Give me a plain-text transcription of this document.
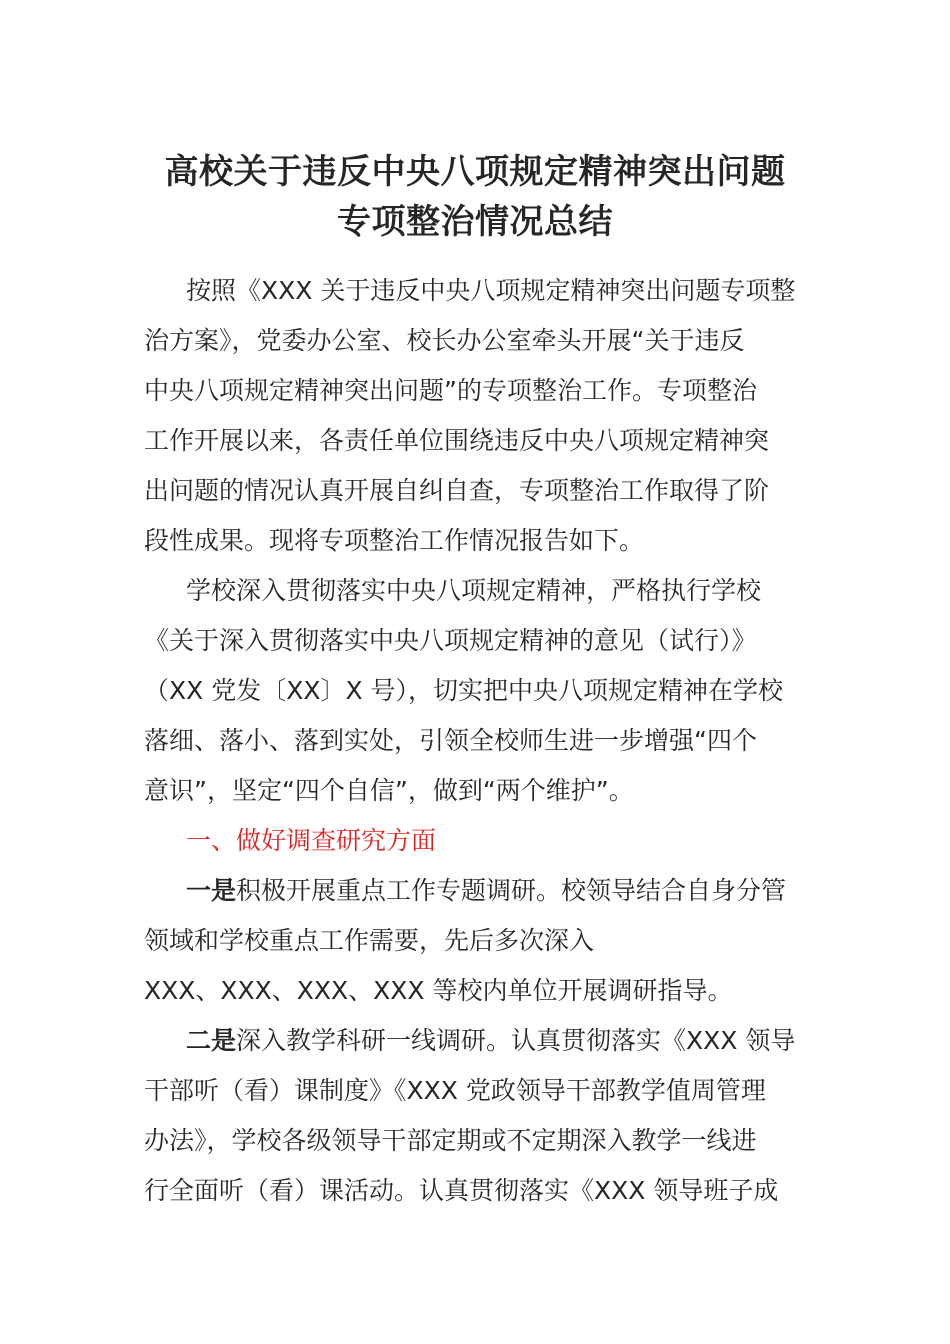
高校关于违反中央八项规定精神突出问题
专项整治情况总结
按照《XXX 关于违反中央八项规定精神突出问题专项整
治方案》，党委办公室、校长办公室牵头开展“关于违反
中央八项规定精神突出问题”的专项整治工作。专项整治
工作开展以来，各责任单位围绕违反中央八项规定精神突
出问题的情况认真开展自纠自查，专项整治工作取得了阶
段性成果。现将专项整治工作情况报告如下。
学校深入贯彻落实中央八项规定精神，严格执行学校
《关于深入贯彻落实中央八项规定精神的意见（试行）》
（XX 党发〔XX〕X 号），切实把中央八项规定精神在学校
落细、落小、落到实处，引领全校师生进一步增强“四个
意识”，坚定“四个自信”，做到“两个维护”。
一、做好调查研究方面
一是积极开展重点工作专题调研。校领导结合自身分管
领域和学校重点工作需要，先后多次深入
XXX、XXX、XXX、XXX 等校内单位开展调研指导。
二是深入教学科研一线调研。认真贯彻落实《XXX 领导
干部听（看）课制度》《XXX 党政领导干部教学值周管理
办法》，学校各级领导干部定期或不定期深入教学一线进
行全面听（看）课活动。认真贯彻落实《XXX 领导班子成
